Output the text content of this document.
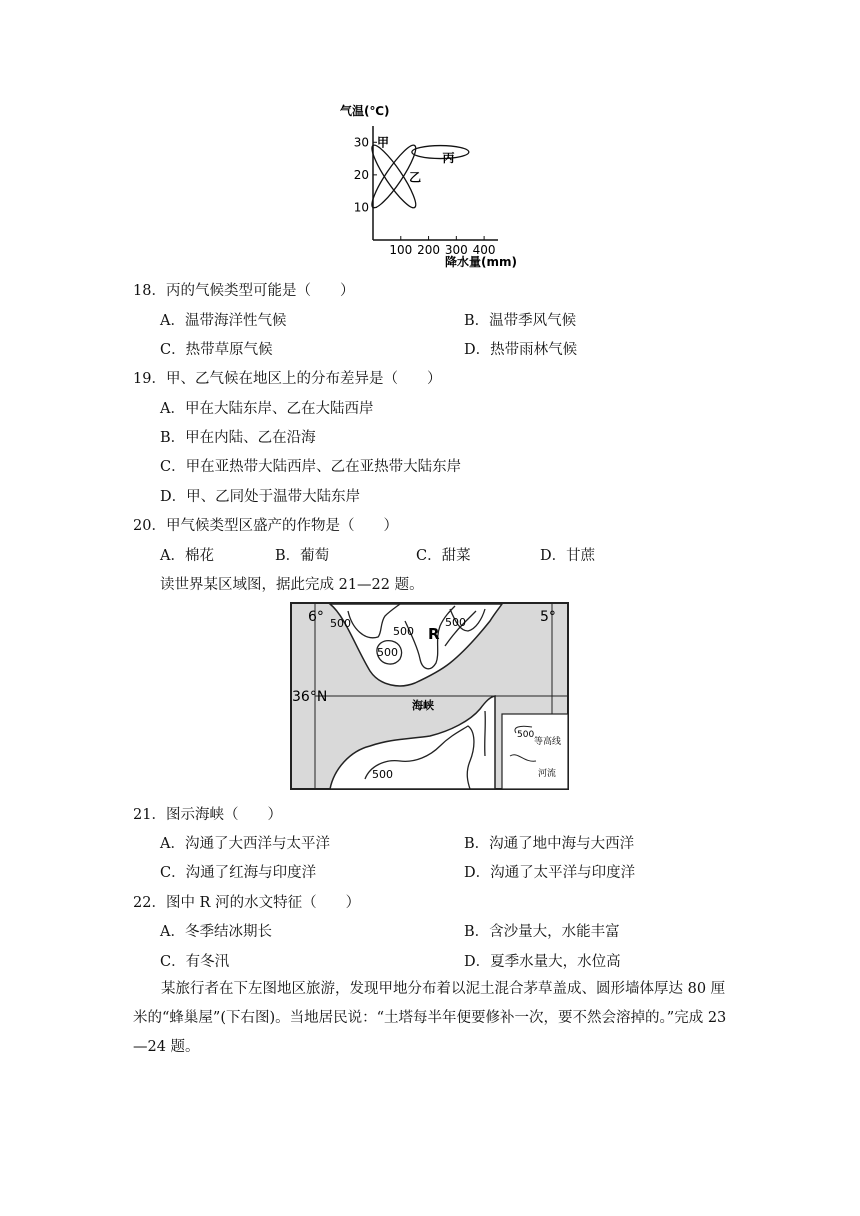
气温(℃)
10
20
30
100 200 300 400
甲
乙
丙
降水量(mm)
18．丙的气候类型可能是（　　）
A．温带海洋性气候	B．温带季风气候
C．热带草原气候	D．热带雨林气候
19．甲、乙气候在地区上的分布差异是（　　）
A．甲在大陆东岸、乙在大陆西岸
B．甲在内陆、乙在沿海
C．甲在亚热带大陆西岸、乙在亚热带大陆东岸
D．甲、乙同处于温带大陆东岸
20．甲气候类型区盛产的作物是（　　）
A．棉花	B．葡萄	C．甜菜	D．甘蔗
读世界某区域图，据此完成 21—22 题。
6°	5°
36°N
海峡
R
500
500
500
500
500
500
等高线
河流
21．图示海峡（　　）
A．沟通了大西洋与太平洋	B．沟通了地中海与大西洋
C．沟通了红海与印度洋	D．沟通了太平洋与印度洋
22．图中 R 河的水文特征（　　）
A．冬季结冰期长	B．含沙量大，水能丰富
C．有冬汛	D．夏季水量大，水位高
某旅行者在下左图地区旅游，发现甲地分布着以泥土混合茅草盖成、圆形墙体厚达 80 厘米的“蜂巢屋”(下右图)。当地居民说：“土塔每半年便要修补一次，要不然会溶掉的。”完成 23—24 题。
